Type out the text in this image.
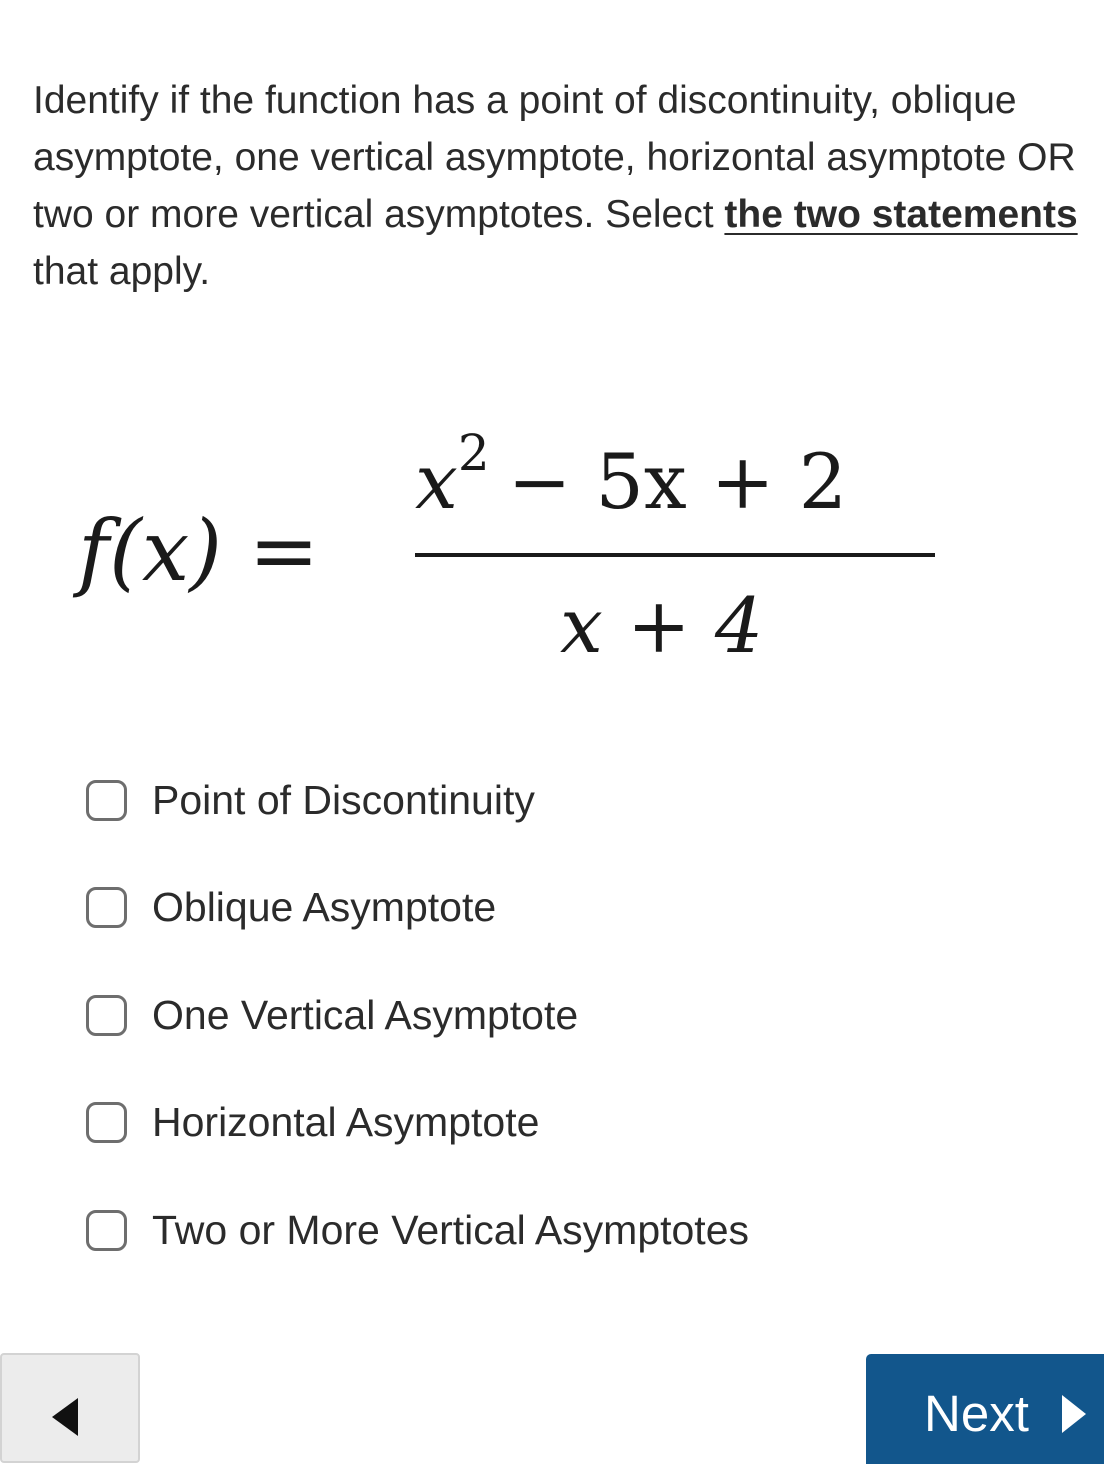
Identify if the function has a point of discontinuity, oblique asymptote, one vertical asymptote, horizontal asymptote OR two or more vertical asymptotes. Select the two statements that apply.
f(x) =
$x^2 - 5x + 2$
x + 4
Point of Discontinuity
Oblique Asymptote
One Vertical Asymptote
Horizontal Asymptote
Two or More Vertical Asymptotes
Next
